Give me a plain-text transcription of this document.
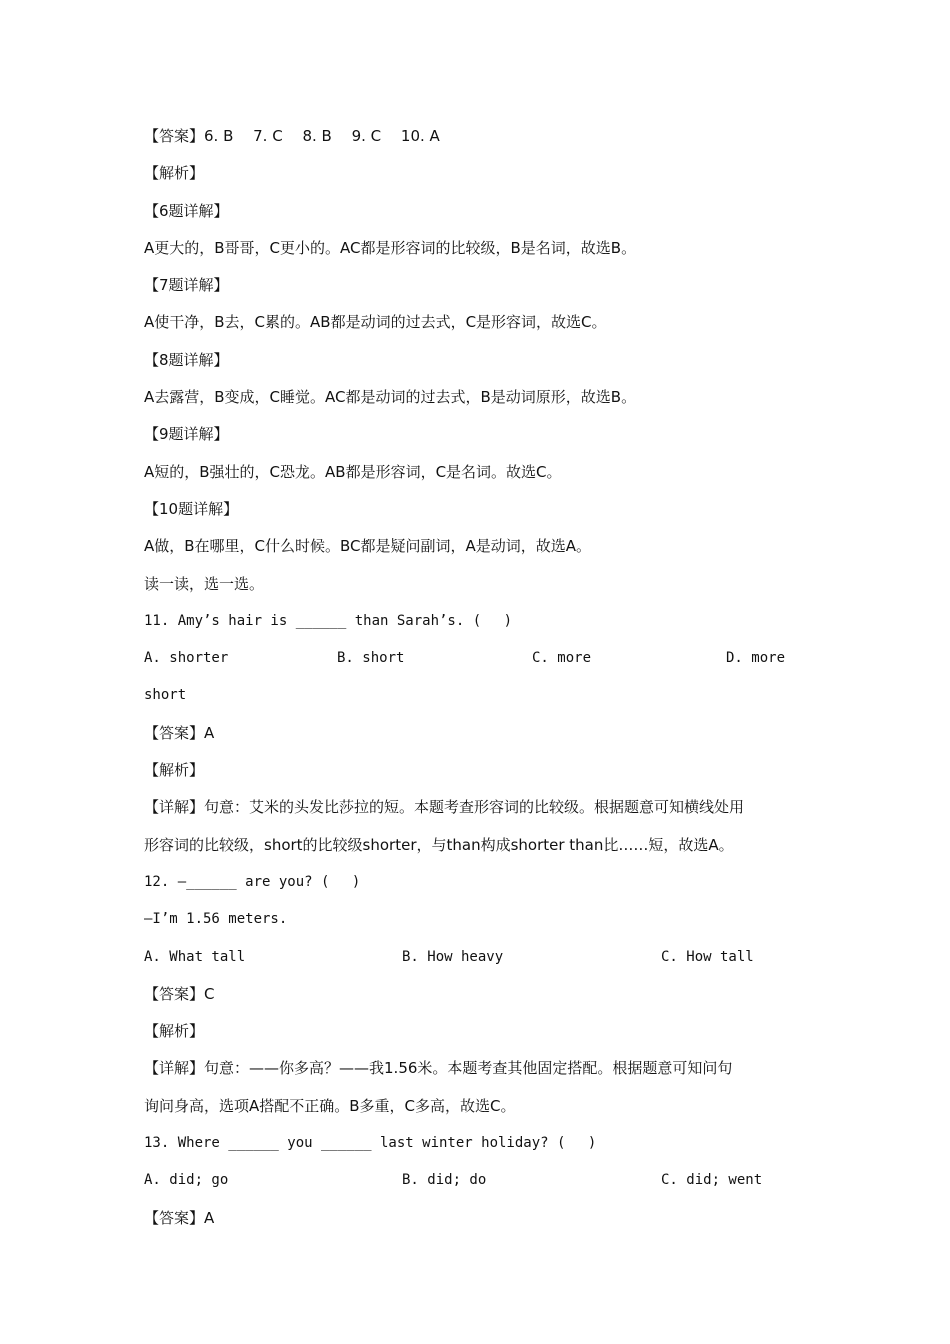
【答案】6. B　 7. C　 8. B　 9. C　 10. A
【解析】
【6题详解】
A更大的，B哥哥，C更小的。AC都是形容词的比较级，B是名词，故选B。
【7题详解】
A使干净，B去，C累的。AB都是动词的过去式，C是形容词，故选C。
【8题详解】
A去露营，B变成，C睡觉。AC都是动词的过去式，B是动词原形，故选B。
【9题详解】
A短的，B强壮的，C恐龙。AB都是形容词，C是名词。故选C。
【10题详解】
A做，B在哪里，C什么时候。BC都是疑问副词，A是动词，故选A。
读一读，选一选。
11. Amy’s hair is ______ than Sarah’s. (　 )
A. shorter	B. short	C. more	D. more
short
【答案】A
【解析】
【详解】句意：艾米的头发比莎拉的短。本题考查形容词的比较级。根据题意可知横线处用
形容词的比较级，short的比较级shorter，与than构成shorter than比……短，故选A。
12. —______ are you? (　 )
—I’m 1.56 meters.
A. What tall	B. How heavy	C. How tall
【答案】C
【解析】
【详解】句意：——你多高？——我1.56米。本题考查其他固定搭配。根据题意可知问句
询问身高，选项A搭配不正确。B多重，C多高，故选C。
13. Where ______ you ______ last winter holiday? (　 )
A. did; go	B. did; do	C. did; went
【答案】A
